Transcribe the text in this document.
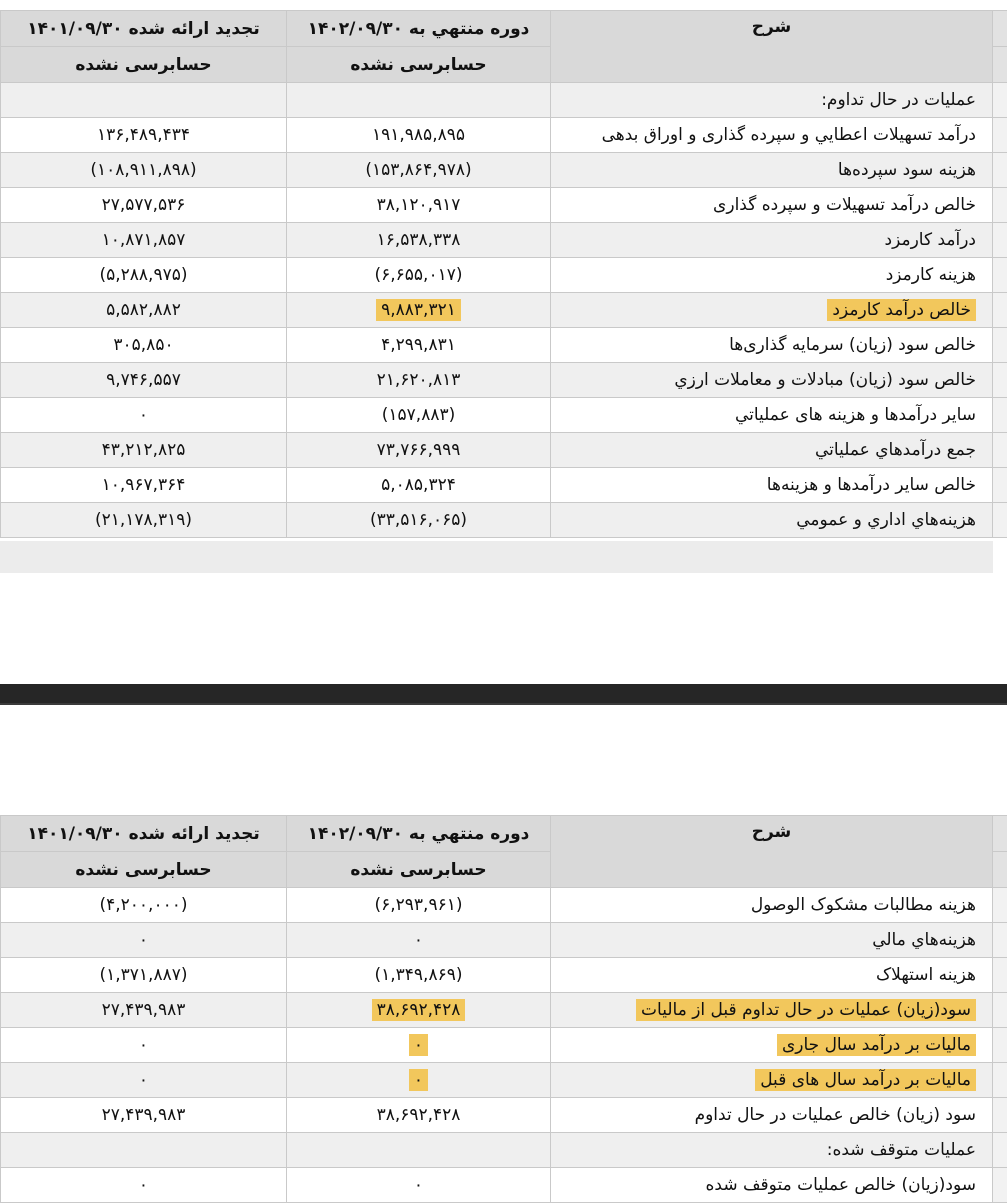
تجديد ارائه شده ۱۴۰۱/۰۹/۳۰	دوره منتهي به ۱۴۰۲/۰۹/۳۰	شرح	
حسابرسی نشده	حسابرسی نشده		
		عمليات در حال تداوم:	
۱۳۶,۴۸۹,۴۳۴	۱۹۱,۹۸۵,۸۹۵	درآمد تسهيلات اعطايي و سپرده گذاری و اوراق بدهی	
(۱۰۸,۹۱۱,۸۹۸)	(۱۵۳,۸۶۴,۹۷۸)	هزينه سود سپرده‌ها	
۲۷,۵۷۷,۵۳۶	۳۸,۱۲۰,۹۱۷	خالص درآمد تسهيلات و سپرده گذاری	
۱۰,۸۷۱,۸۵۷	۱۶,۵۳۸,۳۳۸	درآمد کارمزد	
(۵,۲۸۸,۹۷۵)	(۶,۶۵۵,۰۱۷)	هزينه کارمزد	
۵,۵۸۲,۸۸۲	۹,۸۸۳,۳۲۱	خالص درآمد کارمزد	
۳۰۵,۸۵۰	۴,۲۹۹,۸۳۱	خالص سود (زيان) سرمايه گذاری‌ها	
۹,۷۴۶,۵۵۷	۲۱,۶۲۰,۸۱۳	خالص سود (زيان) مبادلات و معاملات ارزي	
۰	(۱۵۷,۸۸۳)	ساير درآمدها و هزينه هاى عملياتي	
۴۳,۲۱۲,۸۲۵	۷۳,۷۶۶,۹۹۹	جمع درآمدهاي عملياتي	
۱۰,۹۶۷,۳۶۴	۵,۰۸۵,۳۲۴	خالص ساير درآمدها و هزينه‌ها	
(۲۱,۱۷۸,۳۱۹)	(۳۳,۵۱۶,۰۶۵)	هزينه‌هاي اداري و عمومي	
تجديد ارائه شده ۱۴۰۱/۰۹/۳۰	دوره منتهي به ۱۴۰۲/۰۹/۳۰	شرح	
حسابرسی نشده	حسابرسی نشده		
(۴,۲۰۰,۰۰۰)	(۶,۲۹۳,۹۶۱)	هزينه مطالبات مشکوک الوصول	
۰	۰	هزينه‌هاي مالي	
(۱,۳۷۱,۸۸۷)	(۱,۳۴۹,۸۶۹)	هزينه استهلاک	
۲۷,۴۳۹,۹۸۳	۳۸,۶۹۲,۴۲۸	سود(زيان) عمليات در حال تداوم قبل از ماليات	
۰	۰	ماليات بر درآمد سال جاری	
۰	۰	ماليات بر درآمد سال های قبل	
۲۷,۴۳۹,۹۸۳	۳۸,۶۹۲,۴۲۸	سود (زيان) خالص عمليات در حال تداوم	
		عمليات متوقف شده:	
۰	۰	سود(زيان) خالص عمليات متوقف شده	
